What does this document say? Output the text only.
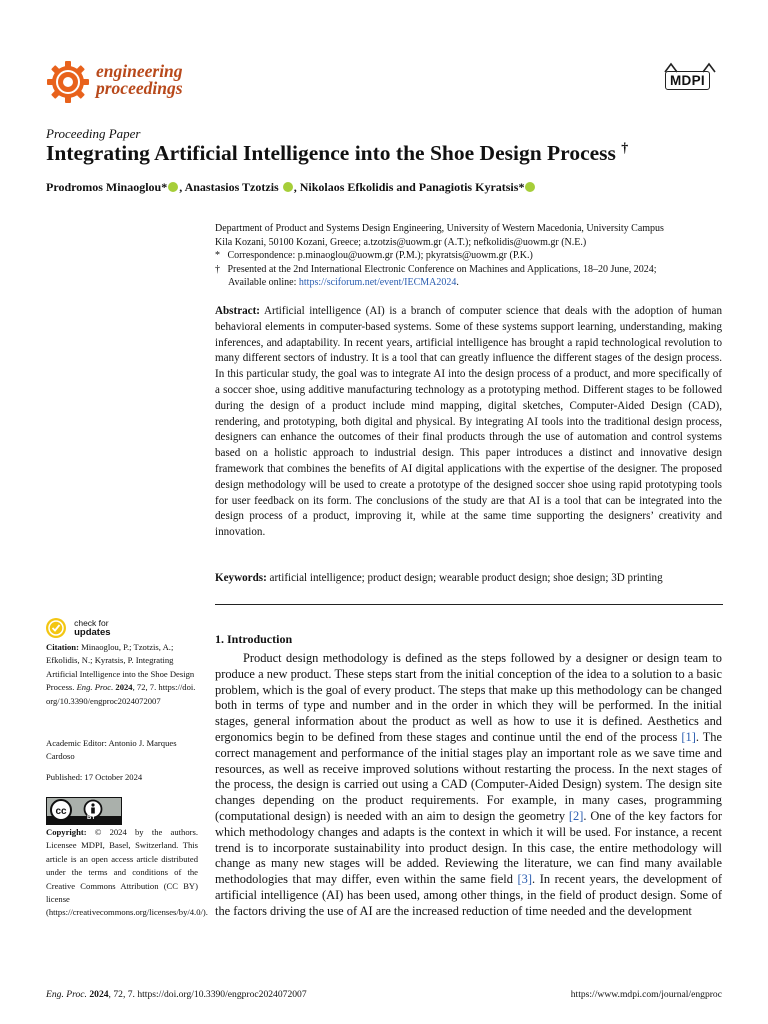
engineering
proceedings	MDPI
Proceeding Paper
Integrating Artificial Intelligence into the Shoe Design Process †
Prodromos Minaoglou* , Anastasios Tzotzis , Nikolaos Efkolidis and Panagiotis Kyratsis*
Department of Product and Systems Design Engineering, University of Western Macedonia, University Campus
Kila Kozani, 50100 Kozani, Greece; a.tzotzis@uowm.gr (A.T.); nefkolidis@uowm.gr (N.E.)
* Correspondence: p.minaoglou@uowm.gr (P.M.); pkyratsis@uowm.gr (P.K.)
† Presented at the 2nd International Electronic Conference on Machines and Applications, 18–20 June, 2024;
Available online: https://sciforum.net/event/IECMA2024.
Abstract: Artificial intelligence (AI) is a branch of computer science that deals with the adoption of human behavioral elements in computer-based systems. Some of these systems support learning, understanding, making inferences, and adaptability. In recent years, artificial intelligence has brought a rapid technological revolution to many different sectors of industry. It is a tool that can greatly influence the different stages of the design process. In this particular study, the goal was to integrate AI into the design process of a product, and more specifically of a soccer shoe, using additive manufacturing technology as a prototyping method. Different stages to be followed during the design of a product include mind mapping, digital sketches, Computer-Aided Design (CAD), rendering, and prototyping, both digital and physical. By integrating AI tools into the traditional design process, designers can enhance the outcomes of their final products through the use of automation and control systems based on a holistic approach to industrial design. This paper introduces a distinct and innovative design framework that combines the benefits of AI digital applications with the expertise of the designer. The proposed design methodology will be used to create a prototype of the designed soccer shoe using rapid prototyping tools for user feedback on its form. The conclusions of the study are that AI is a tool that can be integrated into the design process of a product, improving it, while at the same time supporting the designers’ creativity and innovation.
Keywords: artificial intelligence; product design; wearable product design; shoe design; 3D printing
check for
updates
Citation: Minaoglou, P.; Tzotzis, A.; Efkolidis, N.; Kyratsis, P. Integrating Artificial Intelligence into the Shoe Design Process. Eng. Proc. 2024, 72, 7. https://doi.org/10.3390/engproc2024072007
Academic Editor: Antonio J. Marques Cardoso
Published: 17 October 2024
cc
BY
Copyright: © 2024 by the authors. Licensee MDPI, Basel, Switzerland. This article is an open access article distributed under the terms and conditions of the Creative Commons Attribution (CC BY) license (https://creativecommons.org/licenses/by/4.0/).
1. Introduction
Product design methodology is defined as the steps followed by a designer or design team to produce a new product. These steps start from the initial conception of the idea to a solution to a basic problem, which is the goal of every product. The steps that make up this methodology can be changed both in terms of type and number and in the order in which they will be performed. In the initial stages, general information about the product as well as how to use it is defined. Aesthetics and ergonomics begin to be defined from these stages and continue until the end of the process [1]. The correct management and performance of the initial stages play an important role as we save time and resources, as well as receive improved solutions without restarting the process. In the next stages of the process, the design is carried out using a CAD (Computer-Aided Design) system. The design site changes depending on the product requirements. For example, in many cases, programming (computational design) is needed with an aim to design the geometry [2]. One of the key factors for which methodology changes and adapts is the context in which it will be used. For instance, a recent trend is to incorporate sustainability into product design. In this case, the entire methodology will change as many new stages will be added. Reviewing the literature, we can find many available methodologies that may differ, even within the same field [3]. In recent years, the development of artificial intelligence (AI) has been used, among other things, in the field of product design. Some of the factors driving the use of AI are the increased reduction of time needed and the development
Eng. Proc. 2024, 72, 7. https://doi.org/10.3390/engproc2024072007	https://www.mdpi.com/journal/engproc
